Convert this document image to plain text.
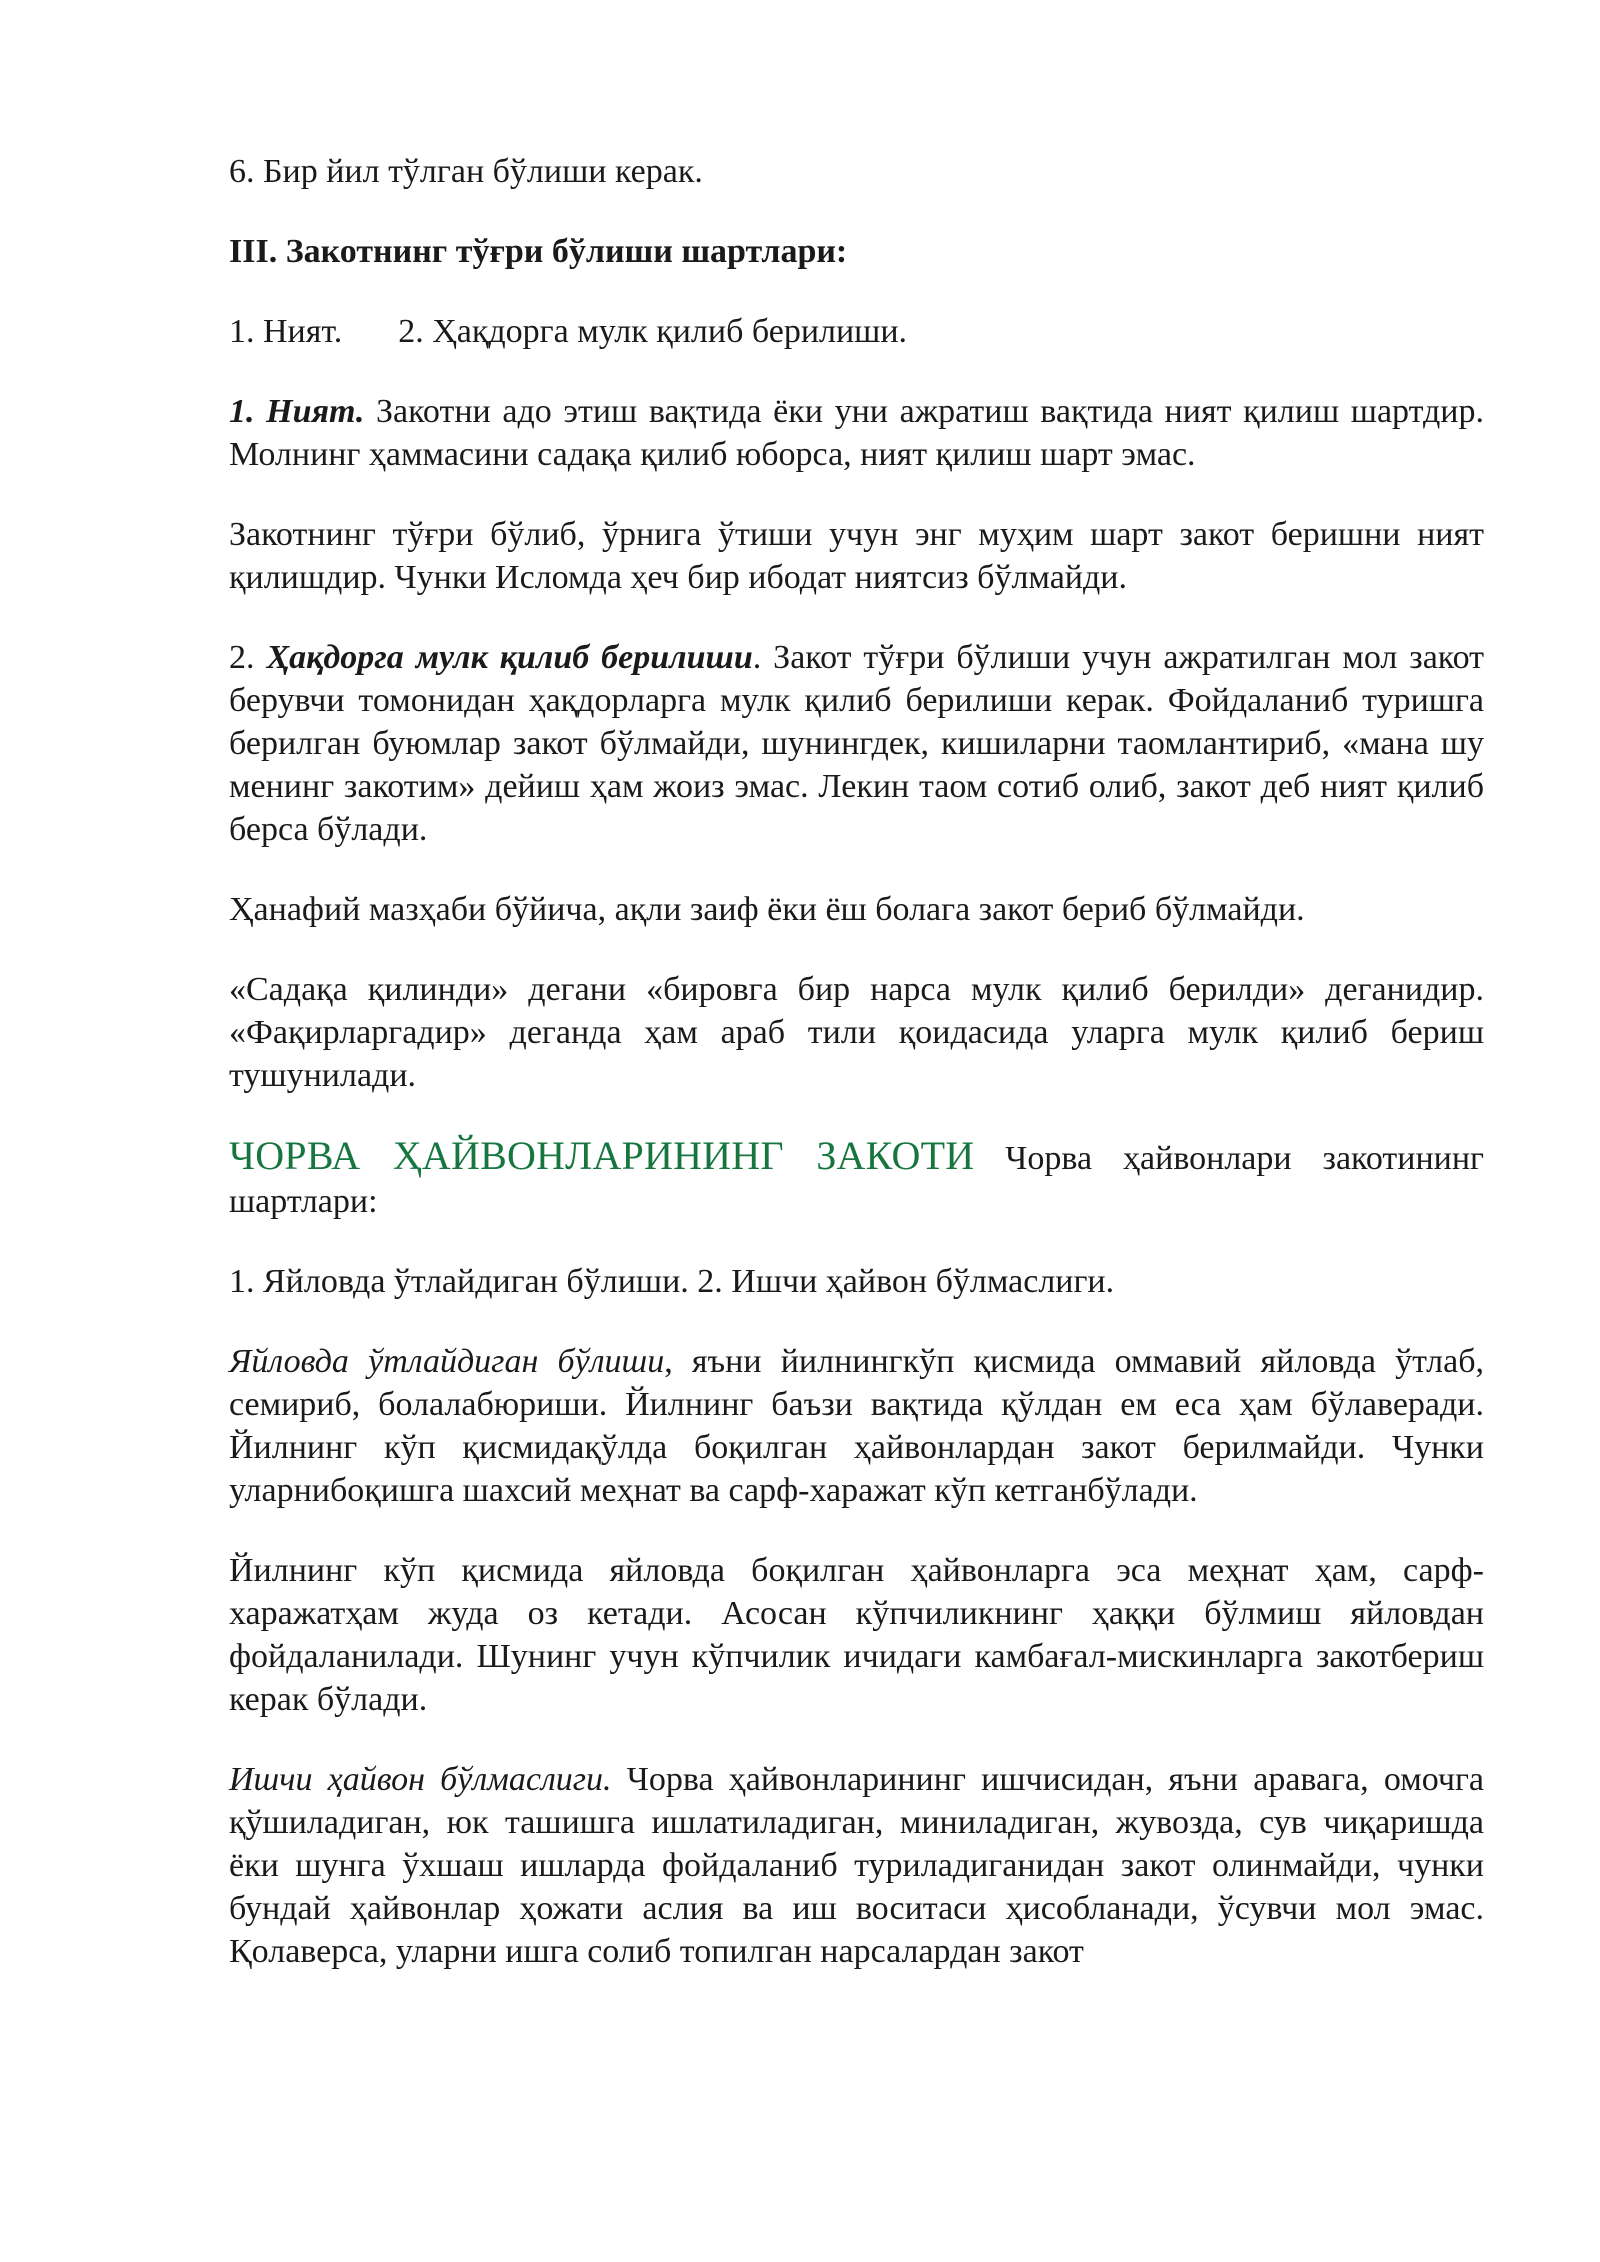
6. Бир йил тўлган бўлиши керак.

III. Закотнинг тўғри бўлиши шартлари:

1. Ният. 2. Ҳақдорга мулк қилиб берилиши.

1. Ният. Закотни адо этиш вақтида ёки уни ажратиш вақтида ният қилиш шартдир. Молнинг ҳаммасини садақа қилиб юборса, ният қилиш шарт эмас.

Закотнинг тўғри бўлиб, ўрнига ўтиши учун энг муҳим шарт закот беришни ният қилишдир. Чунки Исломда ҳеч бир ибодат ниятсиз бўлмайди.

2. Ҳақдорга мулк қилиб берилиши. Закот тўғри бўлиши учун ажратилган мол закот берувчи томонидан ҳақдорларга мулк қилиб берилиши керак. Фойдаланиб туришга берилган буюмлар закот бўлмайди, шунингдек, кишиларни таомлантириб, «мана шу менинг закотим» дейиш ҳам жоиз эмас. Лекин таом сотиб олиб, закот деб ният қилиб берса бўлади.

Ҳанафий мазҳаби бўйича, ақли заиф ёки ёш болага закот бериб бўлмайди.

«Садақа қилинди» дегани «бировга бир нарса мулк қилиб берилди» деганидир. «Фақирларгадир» деганда ҳам араб тили қоидасида уларга мулк қилиб бериш тушунилади.

ЧОРВА ҲАЙВОНЛАРИНИНГ ЗАКОТИ Чорва ҳайвонлари закотининг шартлари:

1. Яйловда ўтлайдиган бўлиши. 2. Ишчи ҳайвон бўлмаслиги.

Яйловда ўтлайдиган бўлиши, яъни йилнингкўп қисмида оммавий яйловда ўтлаб, семириб, болалабюриши. Йилнинг баъзи вақтида қўлдан ем еса ҳам бўлаверади. Йилнинг кўп қисмидақўлда боқилган ҳайвонлардан закот берилмайди. Чунки уларнибоқишга шахсий меҳнат ва сарф-харажат кўп кетганбўлади.

Йилнинг кўп қисмида яйловда боқилган ҳайвонларга эса меҳнат ҳам, сарф-харажатҳам жуда оз кетади. Асосан кўпчиликнинг ҳаққи бўлмиш яйловдан фойдаланилади. Шунинг учун кўпчилик ичидаги камбағал-мискинларга закотбериш керак бўлади.

Ишчи ҳайвон бўлмаслиги. Чорва ҳайвонларининг ишчисидан, яъни аравага, омочга қўшиладиган, юк ташишга ишлатиладиган, миниладиган, жувозда, сув чиқаришда ёки шунга ўхшаш ишларда фойдаланиб туриладиганидан закот олинмайди, чунки бундай ҳайвонлар ҳожати аслия ва иш воситаси ҳисобланади, ўсувчи мол эмас. Қолаверса, уларни ишга солиб топилган нарсалардан закот
